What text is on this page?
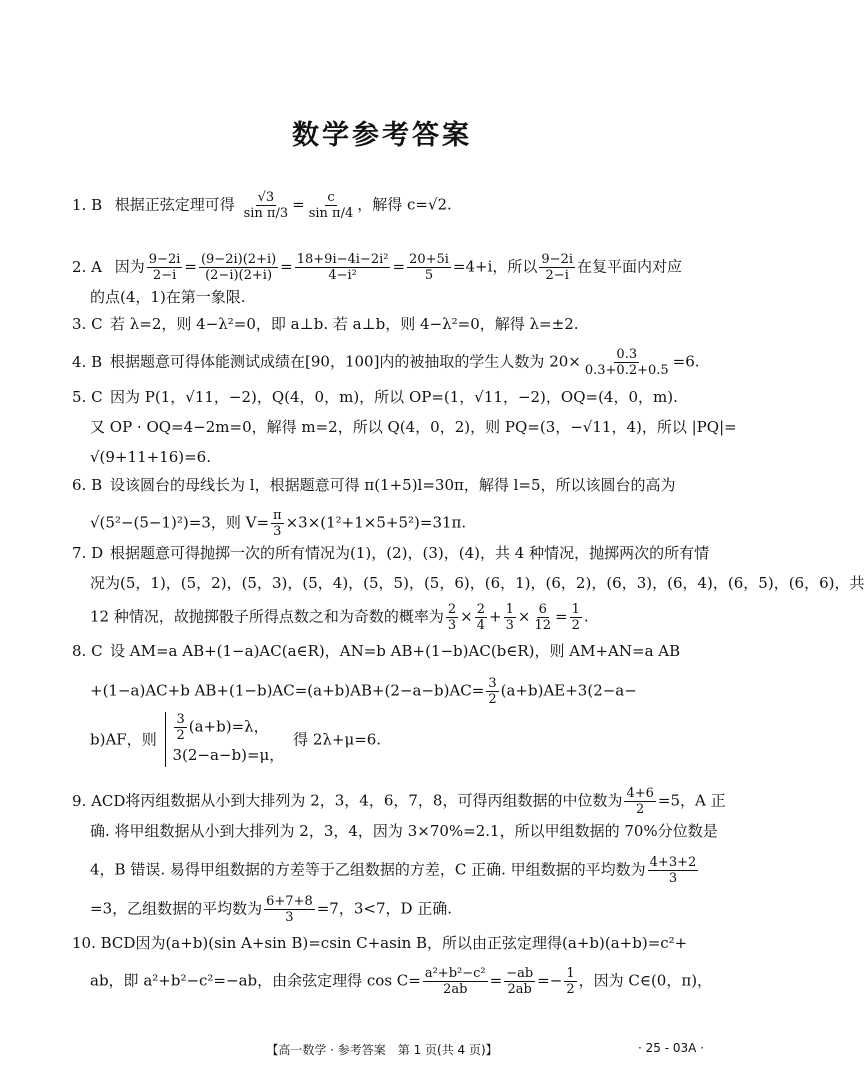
数学参考答案
1. B 根据正弦定理可得 $\frac{√3}{\text{sin π/3}} = \frac{c}{\text{sin π/4}}$ ，解得 c=√2.
2. A 因为 $\frac{9-2i}{2-i} = \frac{(9-2i)(2+i)}{(2-i)(2+i)} = \frac{\text{18+9i−4i−2i²}}{\text{4−i²}} = \frac{20+5i}{5} =4+i$，所以 $\frac{9-2i}{2-i}$ 在复平面内对应
的点(4，1)在第一象限.
3. C 若 λ=2，则 4−λ²=0，即 a⊥b. 若 a⊥b，则 4−λ²=0，解得 λ=±2.
4. B 根据题意可得体能测试成绩在[90，100]内的被抽取的学生人数为 $20\times \frac{0.3}{0.3+0.2+0.5} =6$.
5. C 因为 P(1，√11，−2)，Q(4，0，m)，所以 OP=(1，√11，−2)，OQ=(4，0，m).
又 OP · OQ=4−2m=0，解得 m=2，所以 Q(4，0，2)，则 PQ=(3，−√11，4)，所以 |PQ|=
√(9+11+16)=6.
6. B 设该圆台的母线长为 l，根据题意可得 π(1+5)l=30π，解得 l=5，所以该圆台的高为
√(5²−(5−1)²)=3，则 $V= \frac{\pi}{3} \times 3\times(1^2+1\times 5+5^2)=31\pi$.
7. D 根据题意可得抛掷一次的所有情况为(1)，(2)，(3)，(4)，共 4 种情况，抛掷两次的所有情
况为(5，1)，(5，2)，(5，3)，(5，4)，(5，5)，(5，6)，(6，1)，(6，2)，(6，3)，(6，4)，(6，5)，(6，6)，共
12 种情况，故抛掷骰子所得点数之和为奇数的概率为 $\frac{2}{3} \times \frac{2}{4} + \frac{1}{3} \times \frac{6}{12} = \frac{1}{2}$ .
8. C 设 AM=a AB+(1−a)AC(a∈R)，AN=b AB+(1−b)AC(b∈R)，则 AM+AN=a AB
+(1−a)AC+b $AB+(1-b)AC=(a+b)AB+(2-a-b)AC= \frac{3}{2} (a+b)AE+3(2-a-$
b)AF，则 $\frac{3}{2} (a+b)=\lambda$，
3(2−a−b)=μ，
得 2λ+μ=6.
9. ACD将丙组数据从小到大排列为 2，3，4，6，7，8，可得丙组数据的中位数为 $\frac{4+6}{2} =5$，A 正
确. 将甲组数据从小到大排列为 2，3，4，因为 3×70%=2.1，所以甲组数据的 70%分位数是
4，B 错误. 易得甲组数据的方差等于乙组数据的方差，C 正确. 甲组数据的平均数为 $\frac{4+3+2}{3}$
=3，乙组数据的平均数为 $\frac{6+7+8}{3} =7$，3<7，D 正确.
10. BCD因为(a+b)(sin A+sin B)=csin C+asin B，所以由正弦定理得(a+b)(a+b)=c²+
ab，即 a²+b²−c²=−ab，由余弦定理得 $\cos C= \frac{\text{a²+b²−c²}}{2ab} = \frac{-ab}{2ab} =- \frac{1}{2}$ ，因为 C∈(0，π)，
【高一数学 · 参考答案　第 1 页(共 4 页)】	· 25 - 03A ·
